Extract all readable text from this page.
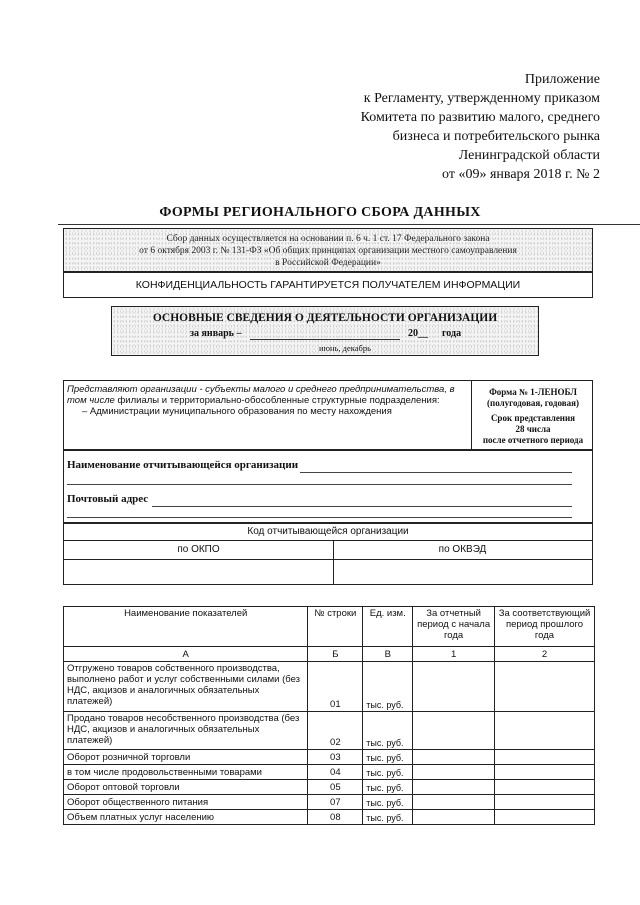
Приложение
к Регламенту, утвержденному приказом
Комитета по развитию малого, среднего
бизнеса и потребительского рынка
Ленинградской области
от «09» января 2018 г. № 2
ФОРМЫ РЕГИОНАЛЬНОГО СБОРА ДАННЫХ
Сбор данных осуществляется на основании п. 6 ч. 1 ст. 17 Федерального закона
от 6 октября 2003 г. № 131-ФЗ «Об общих принципах организации местного самоуправления
в Российской Федерации»
КОНФИДЕНЦИАЛЬНОСТЬ ГАРАНТИРУЕТСЯ ПОЛУЧАТЕЛЕМ ИНФОРМАЦИИ
ОСНОВНЫЕ СВЕДЕНИЯ О ДЕЯТЕЛЬНОСТИ ОРГАНИЗАЦИИ
за январь –	20__ года
июнь, декабрь
Представляют организации - субъекты малого и среднего предпринимательства, в
том числе филиалы и территориально-обособленные структурные подразделения:
– Администрации муниципального образования по месту нахождения
Форма № 1-ЛЕНОБЛ
(полугодовая, годовая)
Срок представления
28 числа
после отчетного периода
Наименование отчитывающейся организации
Почтовый адрес
Код отчитывающейся организации
по ОКПО	по ОКВЭД
Наименование показателей	№ строки	Ед. изм.	За отчетный период с начала года	За соответствующий период прошлого года
А	Б	В	1	2
Отгружено товаров собственного производства, выполнено работ и услуг собственными силами (без НДС, акцизов и аналогичных обязательных платежей)	01	тыс. руб.		
Продано товаров несобственного производства (без НДС, акцизов и аналогичных обязательных платежей)	02	тыс. руб.		
Оборот розничной торговли	03	тыс. руб.		
в том числе продовольственными товарами	04	тыс. руб.		
Оборот оптовой торговли	05	тыс. руб.		
Оборот общественного питания	07	тыс. руб.		
Объем платных услуг населению	08	тыс. руб.		
